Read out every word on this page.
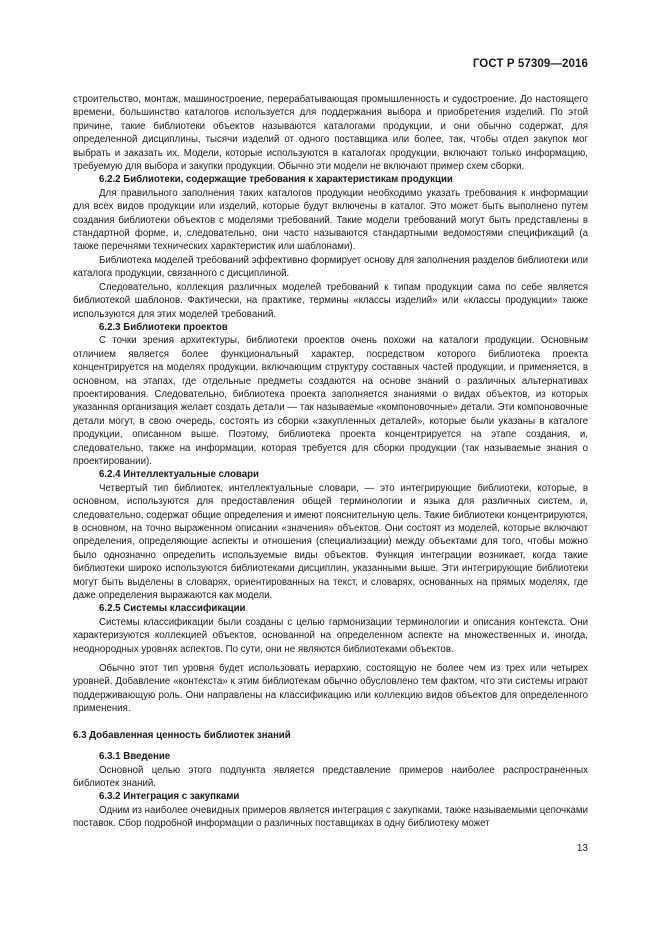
ГОСТ Р 57309—2016

строительство, монтаж, машиностроение, перерабатывающая промышленность и судостроение. До настоящего времени, большинство каталогов используется для поддержания выбора и приобретения изделий. По этой причине, такие библиотеки объектов называются каталогами продукции, и они обычно содержат, для определенной дисциплины, тысячи изделий от одного поставщика или более, так, чтобы отдел закупок мог выбрать и заказать их. Модели, которые используются в каталогах продукции, включают только информацию, требуемую для выбора и закупки продукции. Обычно эти модели не включают пример схем сборки.

6.2.2 Библиотеки, содержащие требования к характеристикам продукции

Для правильного заполнения таких каталогов продукции необходимо указать требования к информации для всех видов продукции или изделий, которые будут включены в каталог. Это может быть выполнено путем создания библиотеки объектов с моделями требований. Такие модели требований могут быть представлены в стандартной форме, и, следовательно, они часто называются стандартными ведомостями спецификаций (а также перечнями технических характеристик или шаблонами).

Библиотека моделей требований эффективно формирует основу для заполнения разделов библиотеки или каталога продукции, связанного с дисциплиной.

Следовательно, коллекция различных моделей требований к типам продукции сама по себе является библиотекой шаблонов. Фактически, на практике, термины «классы изделий» или «классы продукции» также используются для этих моделей требований.

6.2.3 Библиотеки проектов

С точки зрения архитектуры, библиотеки проектов очень похожи на каталоги продукции. Основным отличием является более функциональный характер, посредством которого библиотека проекта концентрируется на моделях продукции, включающим структуру составных частей продукции, и применяется, в основном, на этапах, где отдельные предметы создаются на основе знаний о различных альтернативах проектирования. Следовательно, библиотека проекта заполняется знаниями о видах объектов, из которых указанная организация желает создать детали — так называемые «компоновочные» детали. Эти компоновочные детали могут, в свою очередь, состоять из сборки «закупленных деталей», которые были указаны в каталоге продукции, описанном выше. Поэтому, библиотека проекта концентрируется на этапе создания, и, следовательно, также на информации, которая требуется для сборки продукции (так называемые знания о проектировании).

6.2.4 Интеллектуальные словари

Четвертый тип библиотек, интеллектуальные словари, — это интегрирующие библиотеки, которые, в основном, используются для предоставления общей терминологии и языка для различных систем, и, следовательно, содержат общие определения и имеют пояснительную цель. Такие библиотеки концентрируются, в основном, на точно выраженном описании «значения» объектов. Они состоят из моделей, которые включают определения, определяющие аспекты и отношения (специализации) между объектами для того, чтобы можно было однозначно определить используемые виды объектов. Функция интеграции возникает, когда такие библиотеки широко используются библиотеками дисциплин, указанными выше. Эти интегрирующие библиотеки могут быть выделены в словарях, ориентированных на текст, и словарях, основанных на прямых моделях, где даже определения выражаются как модели.

6.2.5 Системы классификации

Системы классификации были созданы с целью гармонизации терминологии и описания контекста. Они характеризуются коллекцией объектов, основанной на определенном аспекте на множественных и, иногда, неоднородных уровнях аспектов. По сути, они не являются библиотеками объектов.

Обычно этот тип уровня будет использовать иерархию, состоящую не более чем из трех или четырех уровней. Добавление «контекста» к этим библиотекам обычно обусловлено тем фактом, что эти системы играют поддерживающую роль. Они направлены на классификацию или коллекцию видов объектов для определенного применения.

6.3 Добавленная ценность библиотек знаний
6.3.1 Введение

Основной целью этого подпункта является представление примеров наиболее распространенных библиотек знаний.

6.3.2 Интеграция с закупками

Одним из наиболее очевидных примеров является интеграция с закупками, также называемыми цепочками поставок. Сбор подробной информации о различных поставщиках в одну библиотеку может

13
